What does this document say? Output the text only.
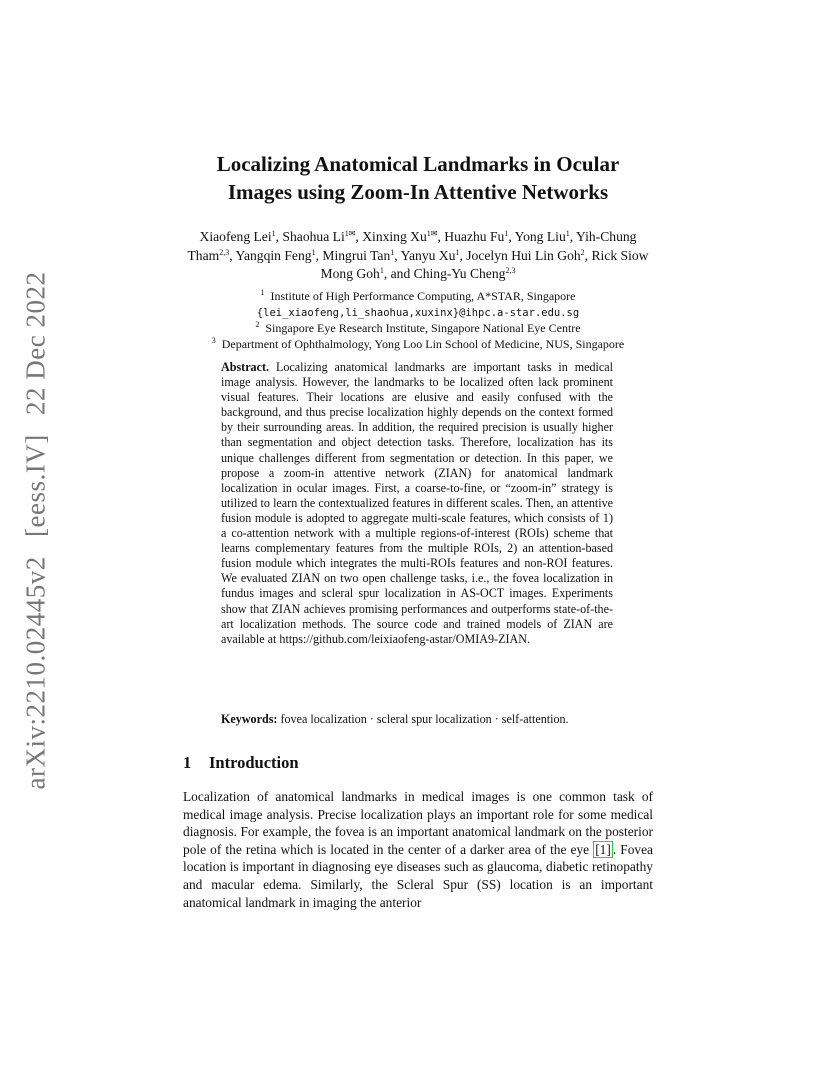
arXiv:2210.02445v2 [eess.IV] 22 Dec 2022
Localizing Anatomical Landmarks in Ocular
Images using Zoom-In Attentive Networks
Xiaofeng Lei$^1$, Shaohua $Li^{1✉}$, Xinxing $Xu^{1✉}$, Huazhu Fu$^1$, Yong Liu$^1$, Yih-Chung Tham$^{2,3}$, Yangqin Feng$^1$, Mingrui Tan$^1$, Yanyu Xu$^1$, Jocelyn Hui Lin Goh$^2$, Rick Siow Mong Goh$^1$, and Ching-Yu Cheng$^{2,3}$
$^1$ Institute of High Performance Computing, A*STAR, Singapore
{lei_xiaofeng,li_shaohua,xuxinx}@ihpc.a-star.edu.sg
$^2$ Singapore Eye Research Institute, Singapore National Eye Centre
$^3$ Department of Ophthalmology, Yong Loo Lin School of Medicine, NUS, Singapore
Abstract. Localizing anatomical landmarks are important tasks in medical image analysis. However, the landmarks to be localized often lack prominent visual features. Their locations are elusive and easily confused with the background, and thus precise localization highly depends on the context formed by their surrounding areas. In addition, the required precision is usually higher than segmentation and object detection tasks. Therefore, localization has its unique challenges different from segmentation or detection. In this paper, we propose a zoom-in attentive network (ZIAN) for anatomical landmark localization in ocular images. First, a coarse-to-fine, or “zoom-in” strategy is utilized to learn the contextualized features in different scales. Then, an attentive fusion module is adopted to aggregate multi-scale features, which consists of 1) a co-attention network with a multiple regions-of-interest (ROIs) scheme that learns complementary features from the multiple ROIs, 2) an attention-based fusion module which integrates the multi-ROIs features and non-ROI features. We evaluated ZIAN on two open challenge tasks, i.e., the fovea localization in fundus images and scleral spur localization in AS-OCT images. Experiments show that ZIAN achieves promising performances and outperforms state-of-the-art localization methods. The source code and trained models of ZIAN are available at https://github.com/leixiaofeng-astar/OMIA9-ZIAN.
Keywords: fovea localization · scleral spur localization · self-attention.
1 Introduction
Localization of anatomical landmarks in medical images is one common task of medical image analysis. Precise localization plays an important role for some medical diagnosis. For example, the fovea is an important anatomical landmark on the posterior pole of the retina which is located in the center of a darker area of the eye [1] . Fovea location is important in diagnosing eye diseases such as glaucoma, diabetic retinopathy and macular edema. Similarly, the Scleral Spur (SS) location is an important anatomical landmark in imaging the anterior
